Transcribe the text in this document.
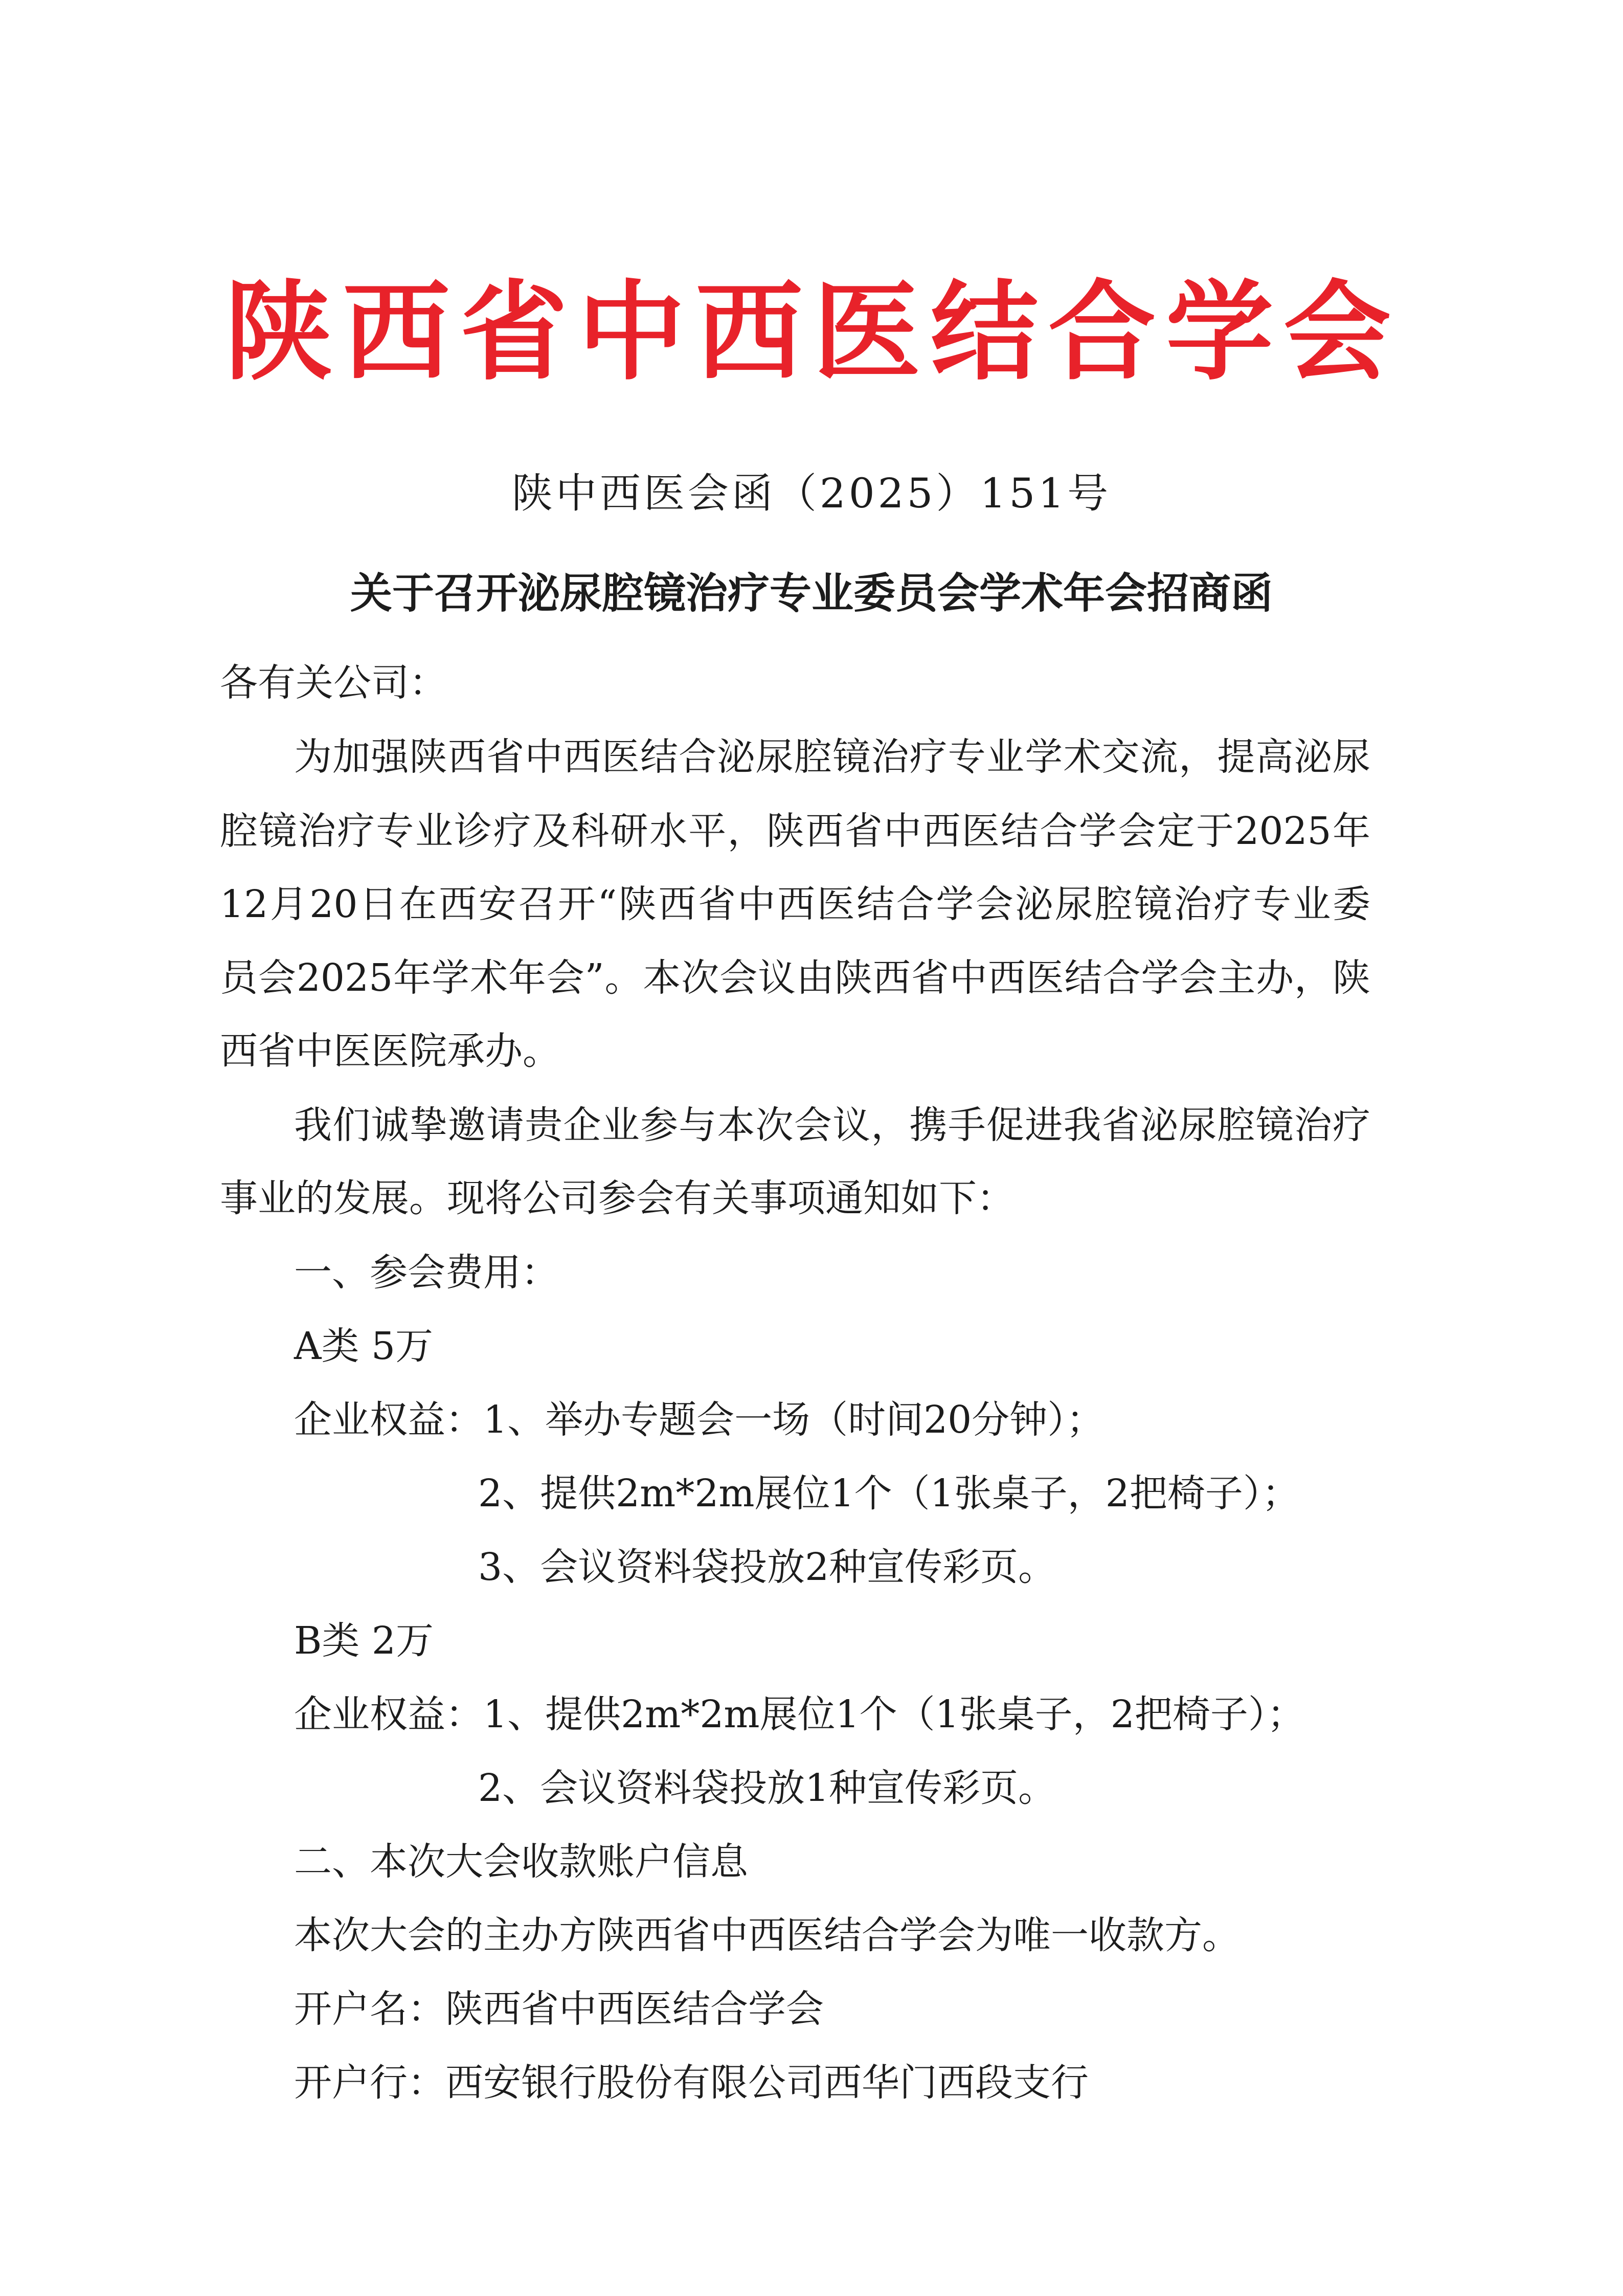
陕西省中西医结合学会
陕中西医会函（2025）151号
关于召开泌尿腔镜治疗专业委员会学术年会招商函
各有关公司：
为加强陕西省中西医结合泌尿腔镜治疗专业学术交流，提高泌尿
腔镜治疗专业诊疗及科研水平，陕西省中西医结合学会定于2025年
12月20日在西安召开“陕西省中西医结合学会泌尿腔镜治疗专业委
员会2025年学术年会”。本次会议由陕西省中西医结合学会主办，陕
西省中医医院承办。
我们诚挚邀请贵企业参与本次会议，携手促进我省泌尿腔镜治疗
事业的发展。现将公司参会有关事项通知如下：
一、参会费用：
A类 5万
企业权益：1、举办专题会一场（时间20分钟）；
2、提供2m*2m展位1个（1张桌子，2把椅子）；
3、会议资料袋投放2种宣传彩页。
B类 2万
企业权益：1、提供2m*2m展位1个（1张桌子，2把椅子）；
2、会议资料袋投放1种宣传彩页。
二、本次大会收款账户信息
本次大会的主办方陕西省中西医结合学会为唯一收款方。
开户名：陕西省中西医结合学会
开户行：西安银行股份有限公司西华门西段支行
